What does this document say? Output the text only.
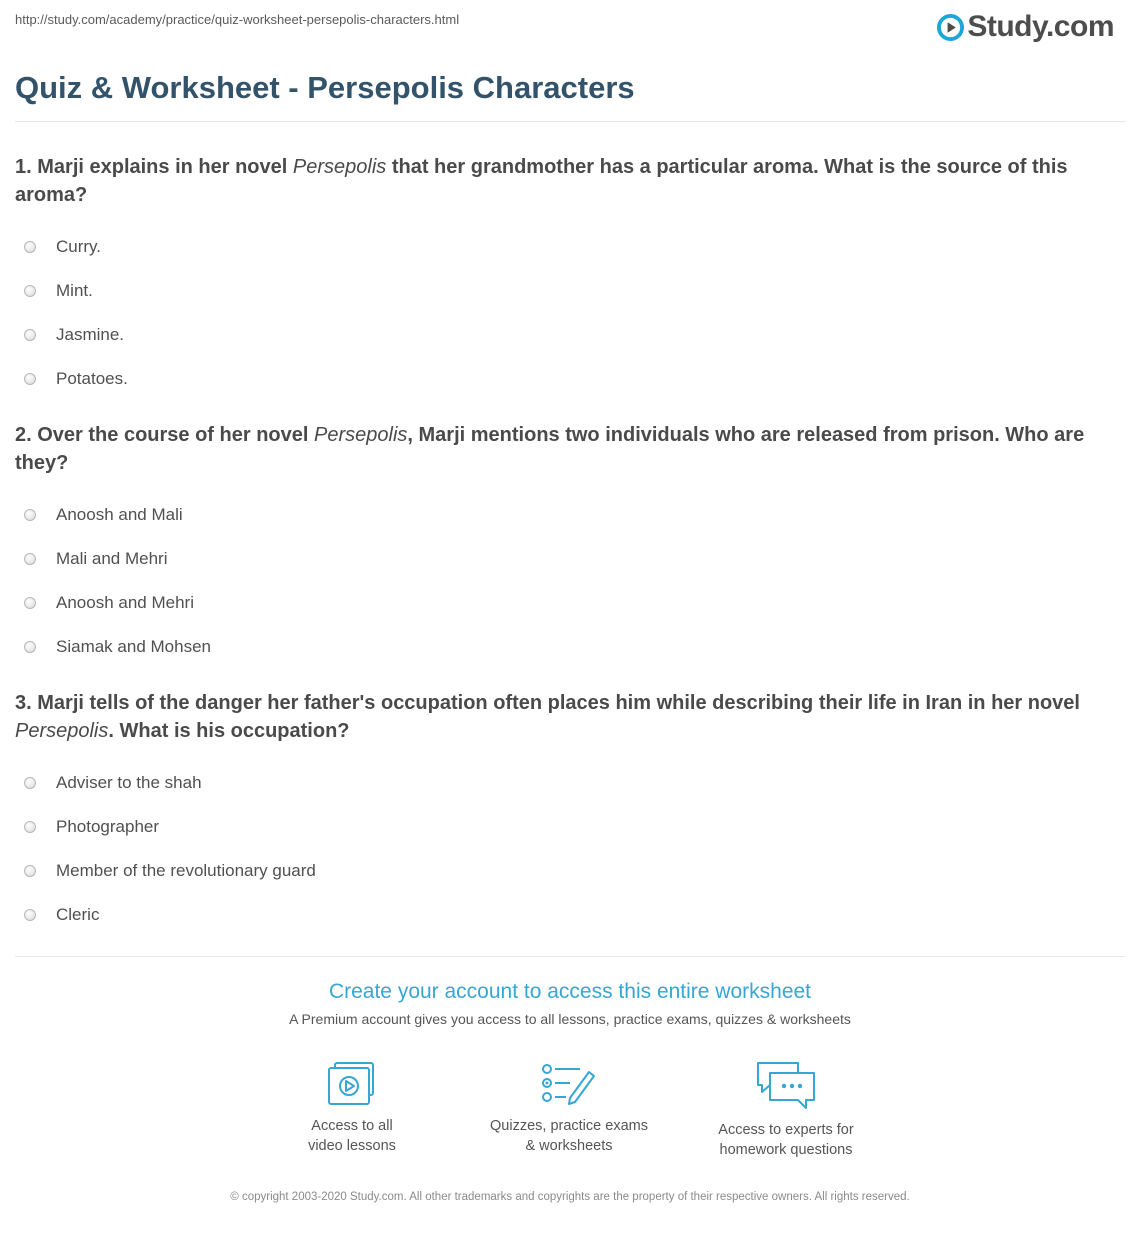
http://study.com/academy/practice/quiz-worksheet-persepolis-characters.html	Study.com
Quiz & Worksheet - Persepolis Characters

1. Marji explains in her novel Persepolis that her grandmother has a particular aroma. What is the source of this aroma?

Curry.
Mint.
Jasmine.
Potatoes.

2. Over the course of her novel Persepolis, Marji mentions two individuals who are released from prison. Who are they?

Anoosh and Mali
Mali and Mehri
Anoosh and Mehri
Siamak and Mohsen

3. Marji tells of the danger her father's occupation often places him while describing their life in Iran in her novel Persepolis. What is his occupation?

Adviser to the shah
Photographer
Member of the revolutionary guard
Cleric
Create your account to access this entire worksheet
A Premium account gives you access to all lessons, practice exams, quizzes & worksheets
Access to all
video lessons
Quizzes, practice exams
& worksheets
Access to experts for
homework questions
© copyright 2003-2020 Study.com. All other trademarks and copyrights are the property of their respective owners. All rights reserved.
